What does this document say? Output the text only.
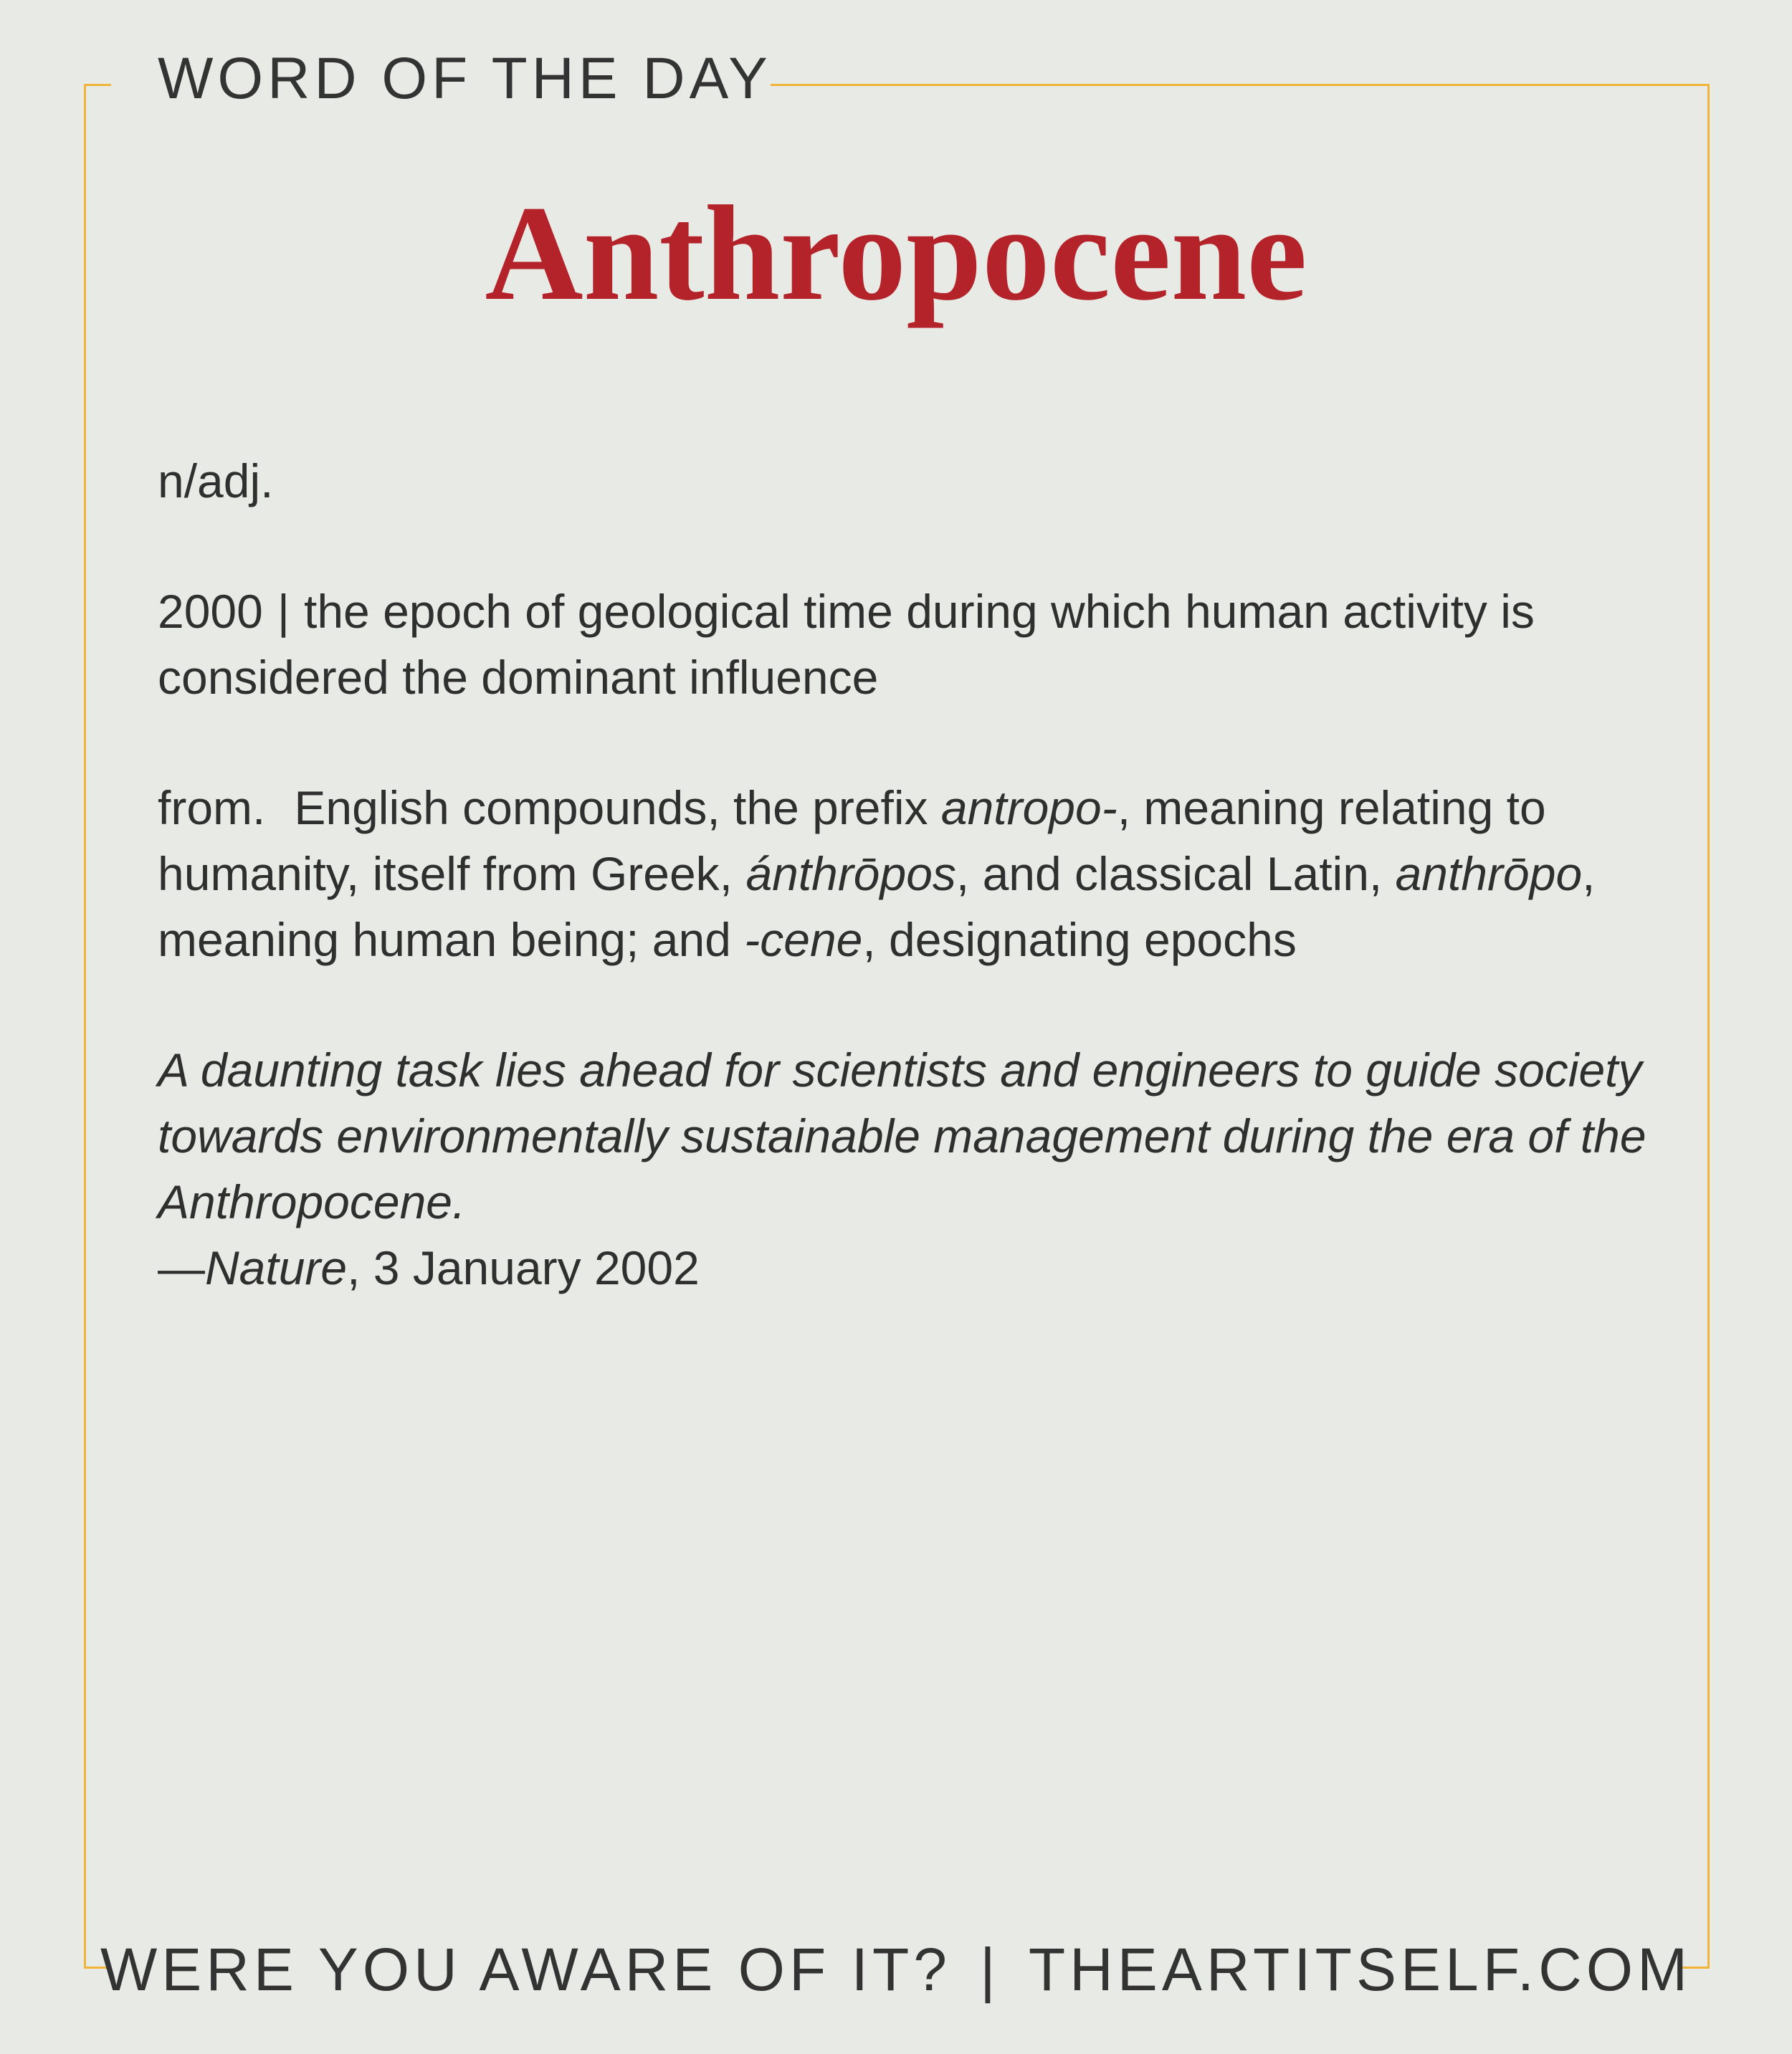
WORD OF THE DAY
Anthropocene

n/adj.

2000 | the epoch of geological time during which human activity is considered the dominant influence

from. English compounds, the prefix antropo-, meaning relating to humanity, itself from Greek, ánthrōpos, and classical Latin, anthrōpo, meaning human being; and -cene, designating epochs

A daunting task lies ahead for scientists and engineers to guide society towards environmentally sustainable management during the era of the Anthropocene.
—Nature, 3 January 2002
WERE YOU AWARE OF IT? | THEARTITSELF.COM
